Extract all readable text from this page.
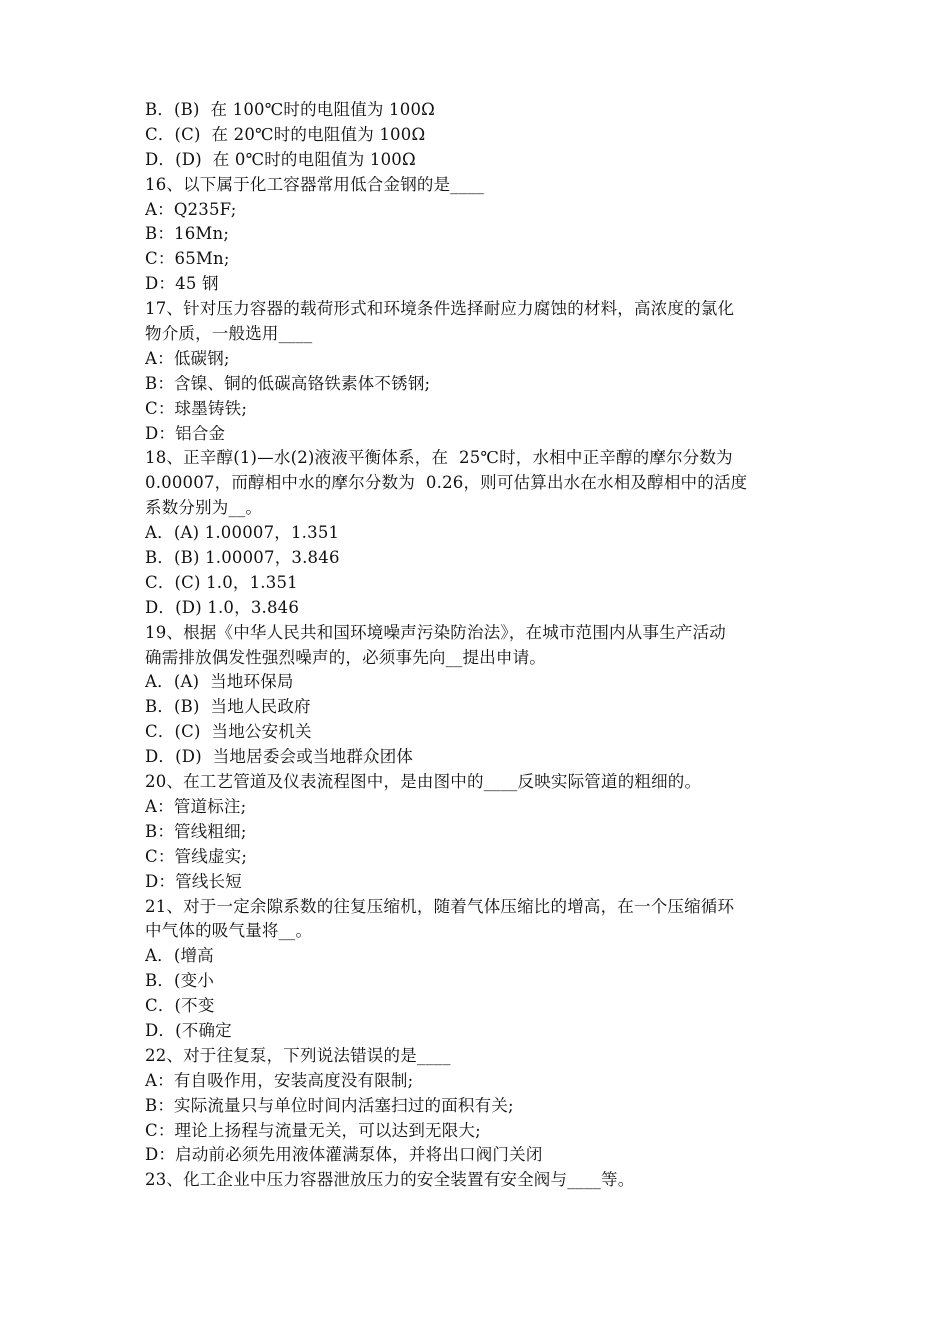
B．(B)  在 100℃时的电阻值为 100Ω
C．(C)  在 20℃时的电阻值为 100Ω
D．(D)  在 0℃时的电阻值为 100Ω
16、以下属于化工容器常用低合金钢的是____
A：Q235F;
B：16Mn;
C：65Mn;
D：45 钢
17、针对压力容器的载荷形式和环境条件选择耐应力腐蚀的材料，高浓度的氯化
物介质，一般选用____
A：低碳钢;
B：含镍、铜的低碳高铬铁素体不锈钢;
C：球墨铸铁;
D：铝合金
18、正辛醇(1)—水(2)液液平衡体系，在  25℃时，水相中正辛醇的摩尔分数为
0.00007，而醇相中水的摩尔分数为  0.26，则可估算出水在水相及醇相中的活度
系数分别为__。
A．(A) 1.00007，1.351
B．(B) 1.00007，3.846
C．(C) 1.0，1.351
D．(D) 1.0，3.846
19、根据《中华人民共和国环境噪声污染防治法》，在城市范围内从事生产活动
确需排放偶发性强烈噪声的，必须事先向__提出申请。
A．(A)  当地环保局
B．(B)  当地人民政府
C．(C)  当地公安机关
D．(D)  当地居委会或当地群众团体
20、在工艺管道及仪表流程图中，是由图中的____反映实际管道的粗细的。
A：管道标注;
B：管线粗细;
C：管线虚实;
D：管线长短
21、对于一定余隙系数的往复压缩机，随着气体压缩比的增高，在一个压缩循环
中气体的吸气量将__。
A．(增高
B．(变小
C．(不变
D．(不确定
22、对于往复泵，下列说法错误的是____
A：有自吸作用，安装高度没有限制;
B：实际流量只与单位时间内活塞扫过的面积有关;
C：理论上扬程与流量无关，可以达到无限大;
D：启动前必须先用液体灌满泵体，并将出口阀门关闭
23、化工企业中压力容器泄放压力的安全装置有安全阀与____等。
